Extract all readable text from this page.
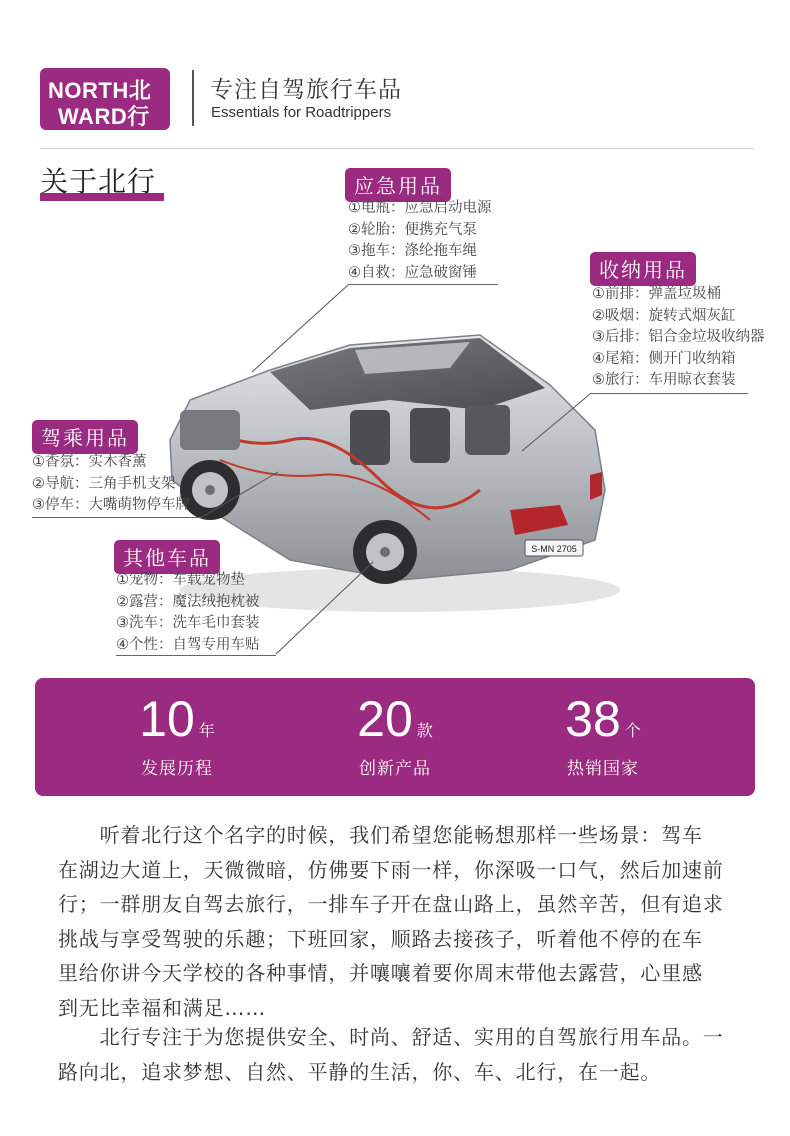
NORTH北
WARD行
专注自驾旅行车品
Essentials for Roadtrippers
关于北行
S-MN 2705
应急用品
①电瓶：应急启动电源
②轮胎：便携充气泵
③拖车：涤纶拖车绳
④自救：应急破窗锤	收纳用品
①前排：弹盖垃圾桶
②吸烟：旋转式烟灰缸
③后排：铝合金垃圾收纳器
④尾箱：侧开门收纳箱
⑤旅行：车用晾衣套装
驾乘用品
①香氛：实木香薰
②导航：三角手机支架
③停车：大嘴萌物停车牌
其他车品
①宠物：车载宠物垫
②露营：魔法绒抱枕被
③洗车：洗车毛巾套装
④个性：自驾专用车贴
10 年
发展历程
20 款
创新产品
38 个
热销国家
　　听着北行这个名字的时候，我们希望您能畅想那样一些场景：驾车
在湖边大道上，天微微暗，仿佛要下雨一样，你深吸一口气，然后加速前
行；一群朋友自驾去旅行，一排车子开在盘山路上，虽然辛苦，但有追求
挑战与享受驾驶的乐趣；下班回家，顺路去接孩子，听着他不停的在车
里给你讲今天学校的各种事情，并嚷嚷着要你周末带他去露营，心里感
到无比幸福和满足……
　　北行专注于为您提供安全、时尚、舒适、实用的自驾旅行用车品。一
路向北，追求梦想、自然、平静的生活，你、车、北行，在一起。
